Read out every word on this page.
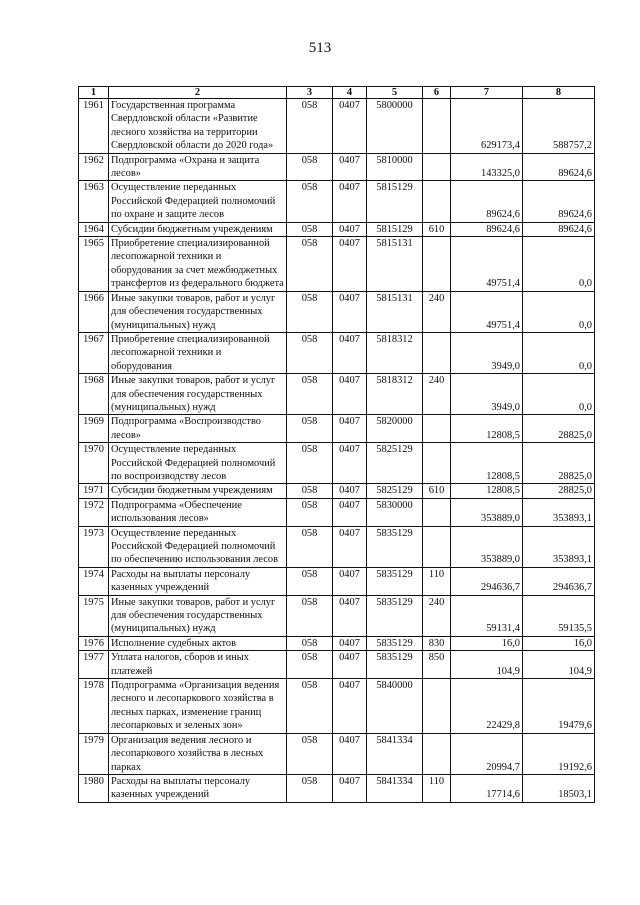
513
1	2	3	4	5	6	7	8
1961	Государственная программа Свердловской области «Развитие лесного хозяйства на территории Свердловской области до 2020 года»	058	0407	5800000		629173,4	588757,2
1962	Подпрограмма «Охрана и защита лесов»	058	0407	5810000		143325,0	89624,6
1963	Осуществление переданных Российской Федерацией полномочий по охране и защите лесов	058	0407	5815129		89624,6	89624,6
1964	Субсидии бюджетным учреждениям	058	0407	5815129	610	89624,6	89624,6
1965	Приобретение специализированной лесопожарной техники и оборудования за счет межбюджетных трансфертов из федерального бюджета	058	0407	5815131		49751,4	0,0
1966	Иные закупки товаров, работ и услуг для обеспечения государственных (муниципальных) нужд	058	0407	5815131	240	49751,4	0,0
1967	Приобретение специализированной лесопожарной техники и оборудования	058	0407	5818312		3949,0	0,0
1968	Иные закупки товаров, работ и услуг для обеспечения государственных (муниципальных) нужд	058	0407	5818312	240	3949,0	0,0
1969	Подпрограмма «Воспроизводство лесов»	058	0407	5820000		12808,5	28825,0
1970	Осуществление переданных Российской Федерацией полномочий по воспроизводству лесов	058	0407	5825129		12808,5	28825,0
1971	Субсидии бюджетным учреждениям	058	0407	5825129	610	12808,5	28825,0
1972	Подпрограмма «Обеспечение использования лесов»	058	0407	5830000		353889,0	353893,1
1973	Осуществление переданных Российской Федерацией полномочий по обеспечению использования лесов	058	0407	5835129		353889,0	353893,1
1974	Расходы на выплаты персоналу казенных учреждений	058	0407	5835129	110	294636,7	294636,7
1975	Иные закупки товаров, работ и услуг для обеспечения государственных (муниципальных) нужд	058	0407	5835129	240	59131,4	59135,5
1976	Исполнение судебных актов	058	0407	5835129	830	16,0	16,0
1977	Уплата налогов, сборов и иных платежей	058	0407	5835129	850	104,9	104,9
1978	Подпрограмма «Организация ведения лесного и лесопаркового хозяйства в лесных парках, изменение границ лесопарковых и зеленых зон»	058	0407	5840000		22429,8	19479,6
1979	Организация ведения лесного и лесопаркового хозяйства в лесных парках	058	0407	5841334		20994,7	19192,6
1980	Расходы на выплаты персоналу казенных учреждений	058	0407	5841334	110	17714,6	18503,1
